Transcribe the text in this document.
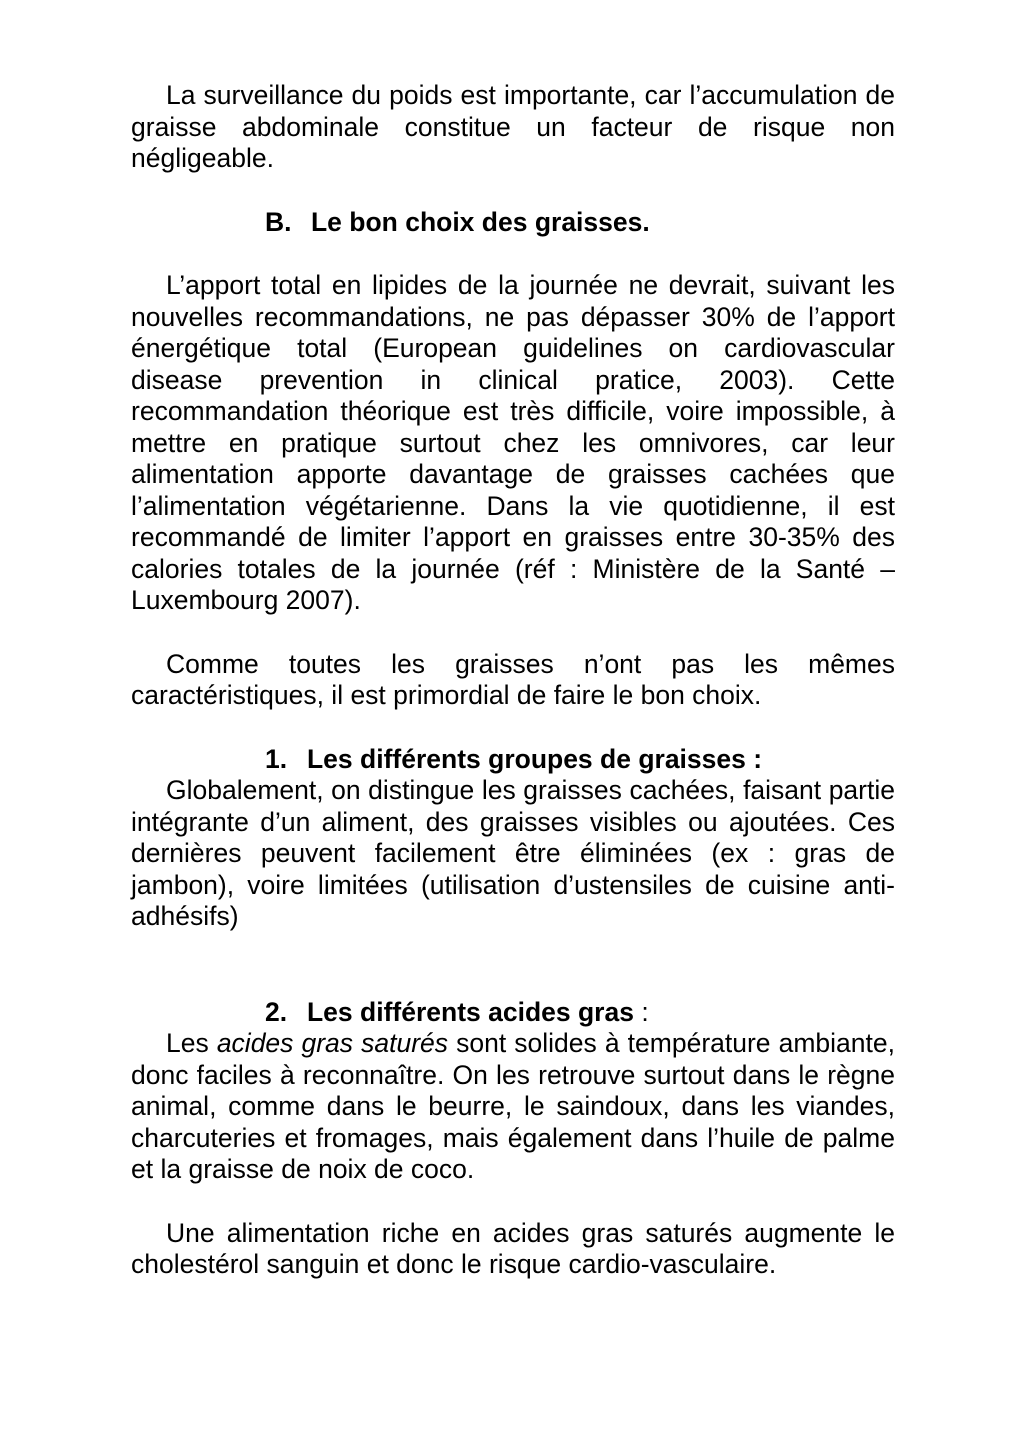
La surveillance du poids est importante, car l’accumulation de graisse abdominale constitue un facteur de risque non négligeable.

B. Le bon choix des graisses.

L’apport total en lipides de la journée ne devrait, suivant les nouvelles recommandations, ne pas dépasser 30% de l’apport énergétique total (European guidelines on cardiovascular disease prevention in clinical pratice, 2003). Cette recommandation théorique est très difficile, voire impossible, à mettre en pratique surtout chez les omnivores, car leur alimentation apporte davantage de graisses cachées que l’alimentation végétarienne. Dans la vie quotidienne, il est recommandé de limiter l’apport en graisses entre 30-35% des calories totales de la journée (réf : Ministère de la Santé – Luxembourg 2007).

Comme toutes les graisses n’ont pas les mêmes caractéristiques, il est primordial de faire le bon choix.

1. Les différents groupes de graisses :

Globalement, on distingue les graisses cachées, faisant partie intégrante d’un aliment, des graisses visibles ou ajoutées. Ces dernières peuvent facilement être éliminées (ex : gras de jambon), voire limitées (utilisation d’ustensiles de cuisine anti-adhésifs)

2. Les différents acides gras :

Les acides gras saturés sont solides à température ambiante, donc faciles à reconnaître. On les retrouve surtout dans le règne animal, comme dans le beurre, le saindoux, dans les viandes, charcuteries et fromages, mais également dans l’huile de palme et la graisse de noix de coco.

Une alimentation riche en acides gras saturés augmente le cholestérol sanguin et donc le risque cardio-vasculaire.
